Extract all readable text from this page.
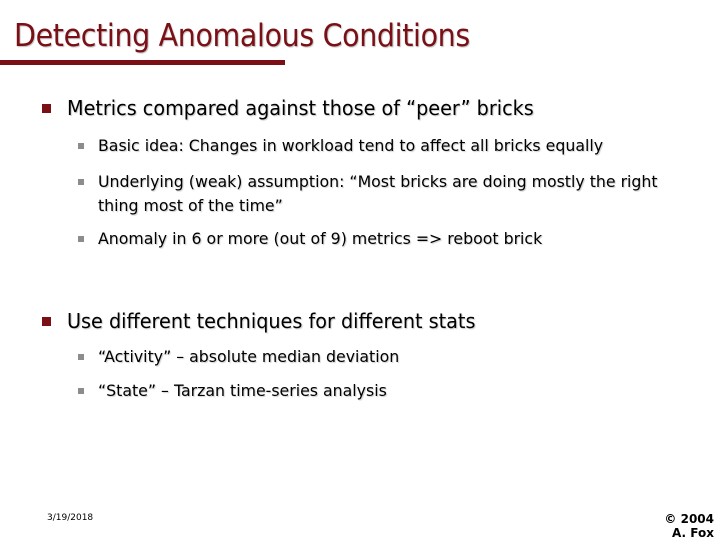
Detecting Anomalous Conditions
Metrics compared against those of “peer” bricks
Basic idea: Changes in workload tend to affect all bricks equally
Underlying (weak) assumption: “Most bricks are doing mostly the right thing most of the time”
Anomaly in 6 or more (out of 9) metrics => reboot brick
Use different techniques for different stats
“Activity” – absolute median deviation
“State” – Tarzan time-series analysis
3/19/2018	© 2004
A. Fox
